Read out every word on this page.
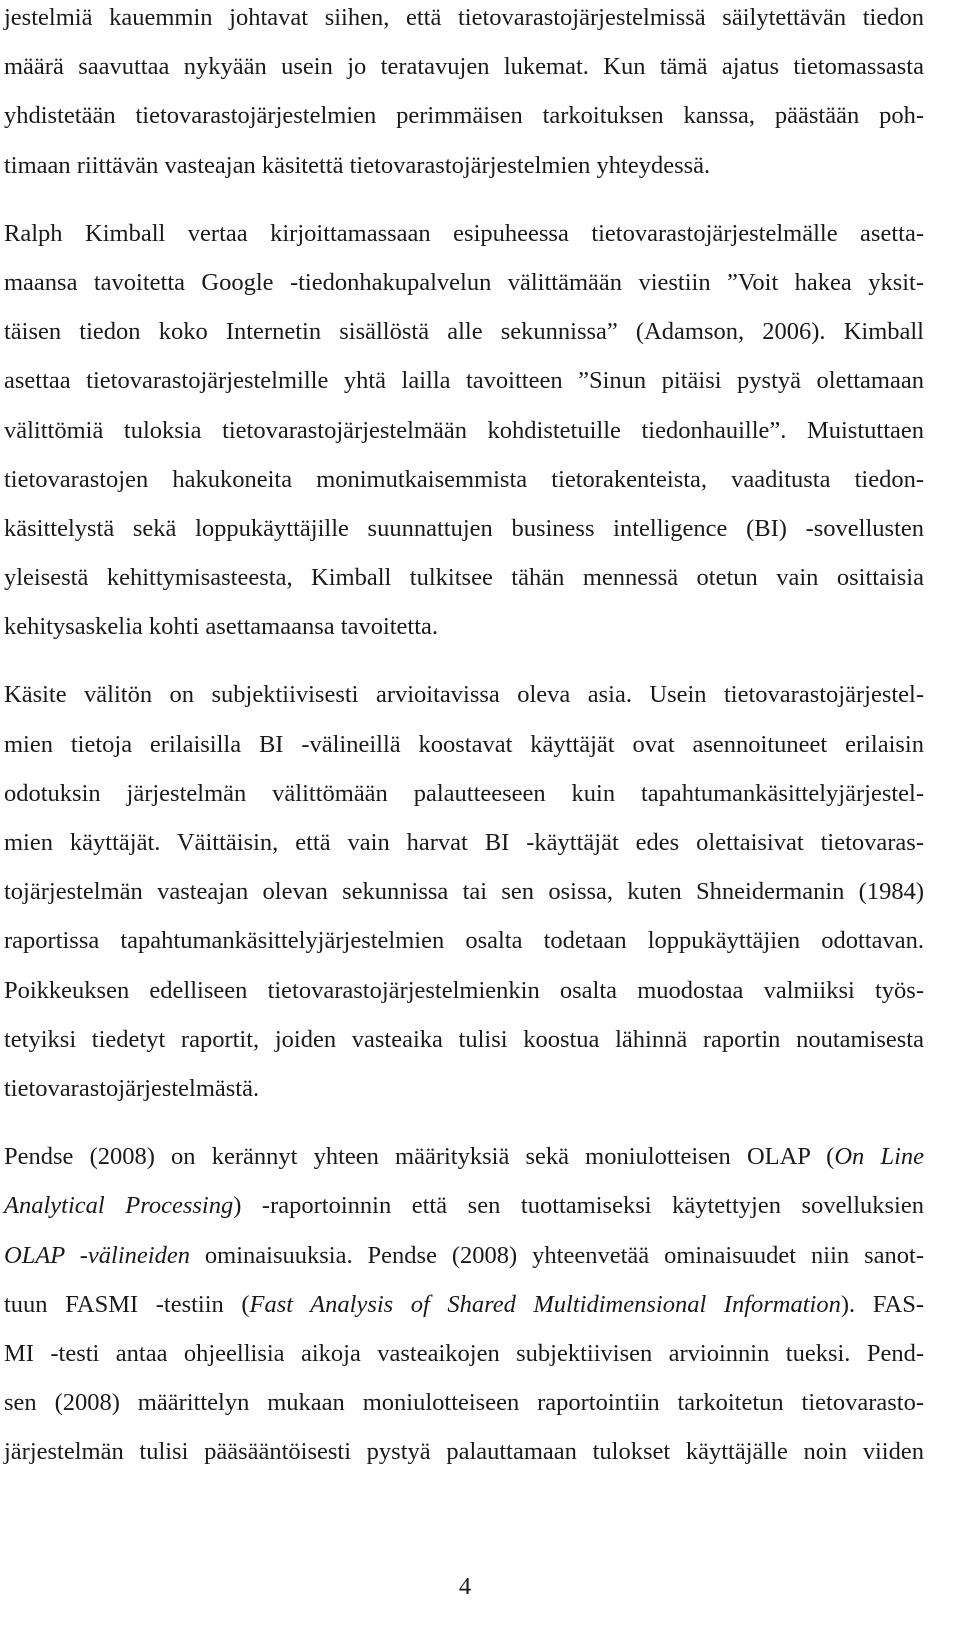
jestelmiä kauemmin johtavat siihen, että tietovarastojärjestelmissä säilytettävän tiedon
määrä saavuttaa nykyään usein jo teratavujen lukemat. Kun tämä ajatus tietomassasta
yhdistetään tietovarastojärjestelmien perimmäisen tarkoituksen kanssa, päästään poh-
timaan riittävän vasteajan käsitettä tietovarastojärjestelmien yhteydessä.
Ralph Kimball vertaa kirjoittamassaan esipuheessa tietovarastojärjestelmälle asetta-
maansa tavoitetta Google -tiedonhakupalvelun välittämään viestiin ”Voit hakea yksit-
täisen tiedon koko Internetin sisällöstä alle sekunnissa” (Adamson, 2006). Kimball
asettaa tietovarastojärjestelmille yhtä lailla tavoitteen ”Sinun pitäisi pystyä olettamaan
välittömiä tuloksia tietovarastojärjestelmään kohdistetuille tiedonhauille”. Muistuttaen
tietovarastojen hakukoneita monimutkaisemmista tietorakenteista, vaaditusta tiedon-
käsittelystä sekä loppukäyttäjille suunnattujen business intelligence (BI) -sovellusten
yleisestä kehittymisasteesta, Kimball tulkitsee tähän mennessä otetun vain osittaisia
kehitysaskelia kohti asettamaansa tavoitetta.
Käsite välitön on subjektiivisesti arvioitavissa oleva asia. Usein tietovarastojärjestel-
mien tietoja erilaisilla BI -välineillä koostavat käyttäjät ovat asennoituneet erilaisin
odotuksin järjestelmän välittömään palautteeseen kuin tapahtumankäsittelyjärjestel-
mien käyttäjät. Väittäisin, että vain harvat BI -käyttäjät edes olettaisivat tietovaras-
tojärjestelmän vasteajan olevan sekunnissa tai sen osissa, kuten Shneidermanin (1984)
raportissa tapahtumankäsittelyjärjestelmien osalta todetaan loppukäyttäjien odottavan.
Poikkeuksen edelliseen tietovarastojärjestelmienkin osalta muodostaa valmiiksi työs-
tetyiksi tiedetyt raportit, joiden vasteaika tulisi koostua lähinnä raportin noutamisesta
tietovarastojärjestelmästä.
Pendse (2008) on kerännyt yhteen määrityksiä sekä moniulotteisen OLAP (On Line
Analytical Processing) -raportoinnin että sen tuottamiseksi käytettyjen sovelluksien
OLAP -välineiden ominaisuuksia. Pendse (2008) yhteenvetää ominaisuudet niin sanot-
tuun FASMI -testiin (Fast Analysis of Shared Multidimensional Information). FAS-
MI -testi antaa ohjeellisia aikoja vasteaikojen subjektiivisen arvioinnin tueksi. Pend-
sen (2008) määrittelyn mukaan moniulotteiseen raportointiin tarkoitetun tietovarasto-
järjestelmän tulisi pääsääntöisesti pystyä palauttamaan tulokset käyttäjälle noin viiden
4
